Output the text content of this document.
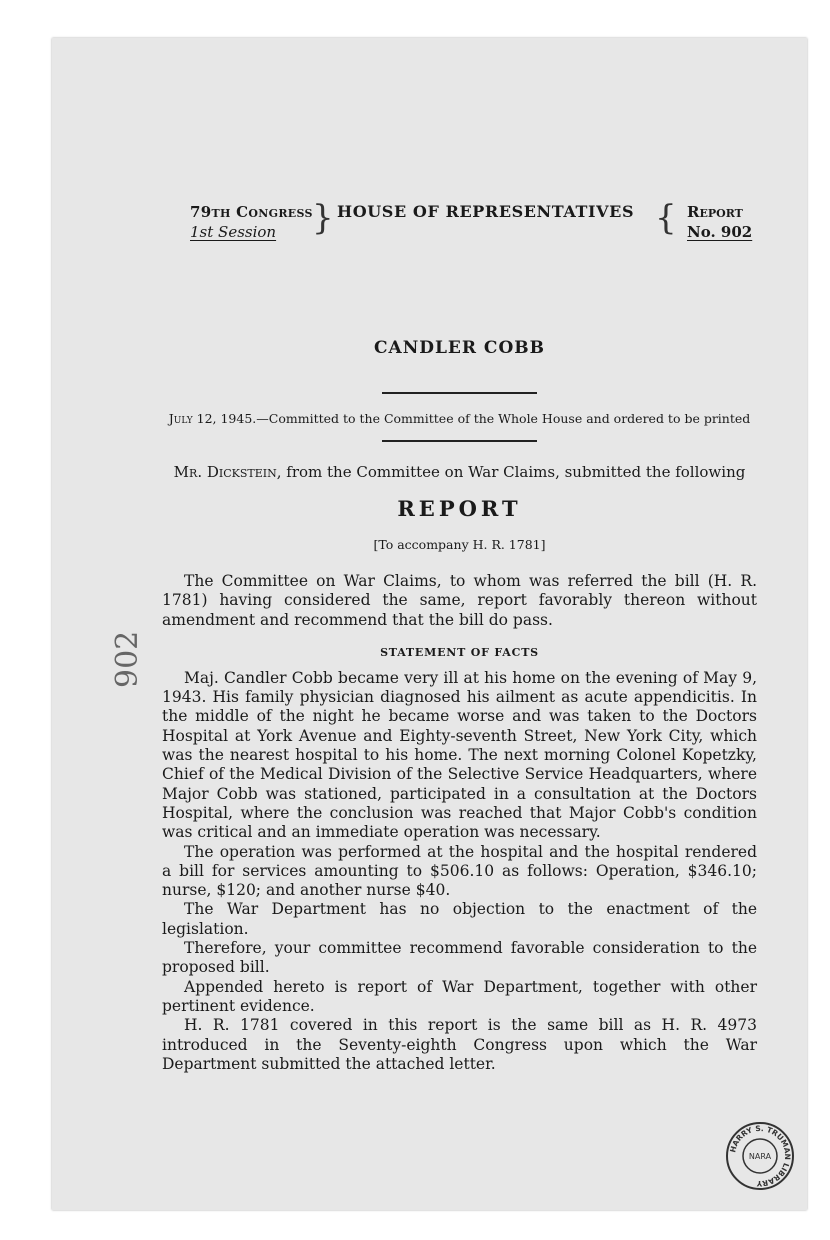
902
79th Congress
1st Session	} HOUSE OF REPRESENTATIVES { Report
No. 902
CANDLER COBB
July 12, 1945.—Committed to the Committee of the Whole House and ordered to be printed
Mr. Dickstein, from the Committee on War Claims, submitted the following
REPORT
[To accompany H. R. 1781]

The Committee on War Claims, to whom was referred the bill (H. R. 1781) having considered the same, report favorably thereon without amendment and recommend that the bill do pass.

STATEMENT OF FACTS

Maj. Candler Cobb became very ill at his home on the evening of May 9, 1943. His family physician diagnosed his ailment as acute appendicitis. In the middle of the night he became worse and was taken to the Doctors Hospital at York Avenue and Eighty-seventh Street, New York City, which was the nearest hospital to his home. The next morning Colonel Kopetzky, Chief of the Medical Division of the Selective Service Headquarters, where Major Cobb was stationed, participated in a consultation at the Doctors Hospital, where the conclusion was reached that Major Cobb's condition was critical and an immediate operation was necessary.

The operation was performed at the hospital and the hospital rendered a bill for services amounting to $506.10 as follows: Operation, $346.10; nurse, $120; and another nurse $40.

The War Department has no objection to the enactment of the legislation.

Therefore, your committee recommend favorable consideration to the proposed bill.

Appended hereto is report of War Department, together with other pertinent evidence.

H. R. 1781 covered in this report is the same bill as H. R. 4973 introduced in the Seventy-eighth Congress upon which the War Department submitted the attached letter.

HARRY S. TRUMAN LIBRARY
NARA
